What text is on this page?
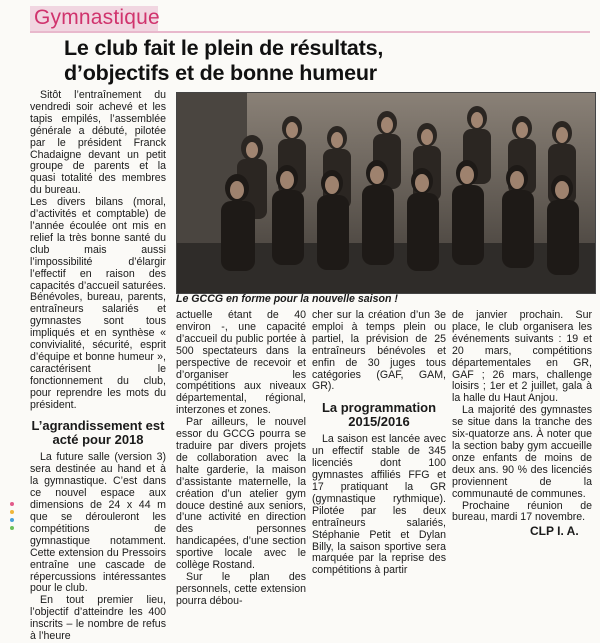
Gymnastique
Le club fait le plein de résultats,
d’objectifs et de bonne humeur

Sitôt l’entraînement du vendredi soir achevé et les tapis empilés, l’assemblée générale a débuté, pilotée par le président Franck Chadaigne devant un petit groupe de parents et la quasi totalité des membres du bureau.

Les divers bilans (moral, d’activités et comptable) de l’année écoulée ont mis en relief la très bonne santé du club mais aussi l’impossibilité d’élargir l’effectif en raison des capacités d’accueil saturées. Bénévoles, bureau, parents, entraîneurs salariés et gymnastes sont tous impliqués et en synthèse « convivialité, sécurité, esprit d’équipe et bonne humeur », caractérisent le fonctionnement du club, pour reprendre les mots du président.

L’agrandissement est acté pour 2018

La future salle (version 3) sera destinée au hand et à la gymnastique. C’est dans ce nouvel espace aux dimensions de 24 x 44 m que se dérouleront les compétitions de gymnastique notamment. Cette extension du Pressoirs entraîne une cascade de répercussions intéressantes pour le club.

En tout premier lieu, l’objectif d’atteindre les 400 inscrits – le nombre de refus à l’heure

Le GCCG en forme pour la nouvelle saison !

actuelle étant de 40 environ -, une capacité d’accueil du public portée à 500 spectateurs dans la perspective de recevoir et d’organiser les compétitions aux niveaux départemental, régional, interzones et zones.

Par ailleurs, le nouvel essor du GCCG pourra se traduire par divers projets de collaboration avec la halte garderie, la maison d’assistante maternelle, la création d’un atelier gym douce destiné aux seniors, d’une activité en direction des personnes handicapées, d’une section sportive locale avec le collège Rostand.

Sur le plan des personnels, cette extension pourra débou-

cher sur la création d’un 3e emploi à temps plein ou partiel, la prévision de 25 entraîneurs bénévoles et enfin de 30 juges tous catégories (GAF, GAM, GR).

La programmation 2015/2016

La saison est lancée avec un effectif stable de 345 licenciés dont 100 gymnastes affiliés FFG et 17 pratiquant la GR (gymnastique rythmique). Pilotée par les deux entraîneurs salariés, Stéphanie Petit et Dylan Billy, la saison sportive sera marquée par la reprise des compétitions à partir

de janvier prochain. Sur place, le club organisera les événements suivants : 19 et 20 mars, compétitions départementales en GR, GAF ; 26 mars, challenge loisirs ; 1er et 2 juillet, gala à la halle du Haut Anjou.

La majorité des gymnastes se situe dans la tranche des six-quatorze ans. À noter que la section baby gym accueille onze enfants de moins de deux ans. 90 % des licenciés proviennent de la communauté de communes.

Prochaine réunion de bureau, mardi 17 novembre.

CLP I. A.
